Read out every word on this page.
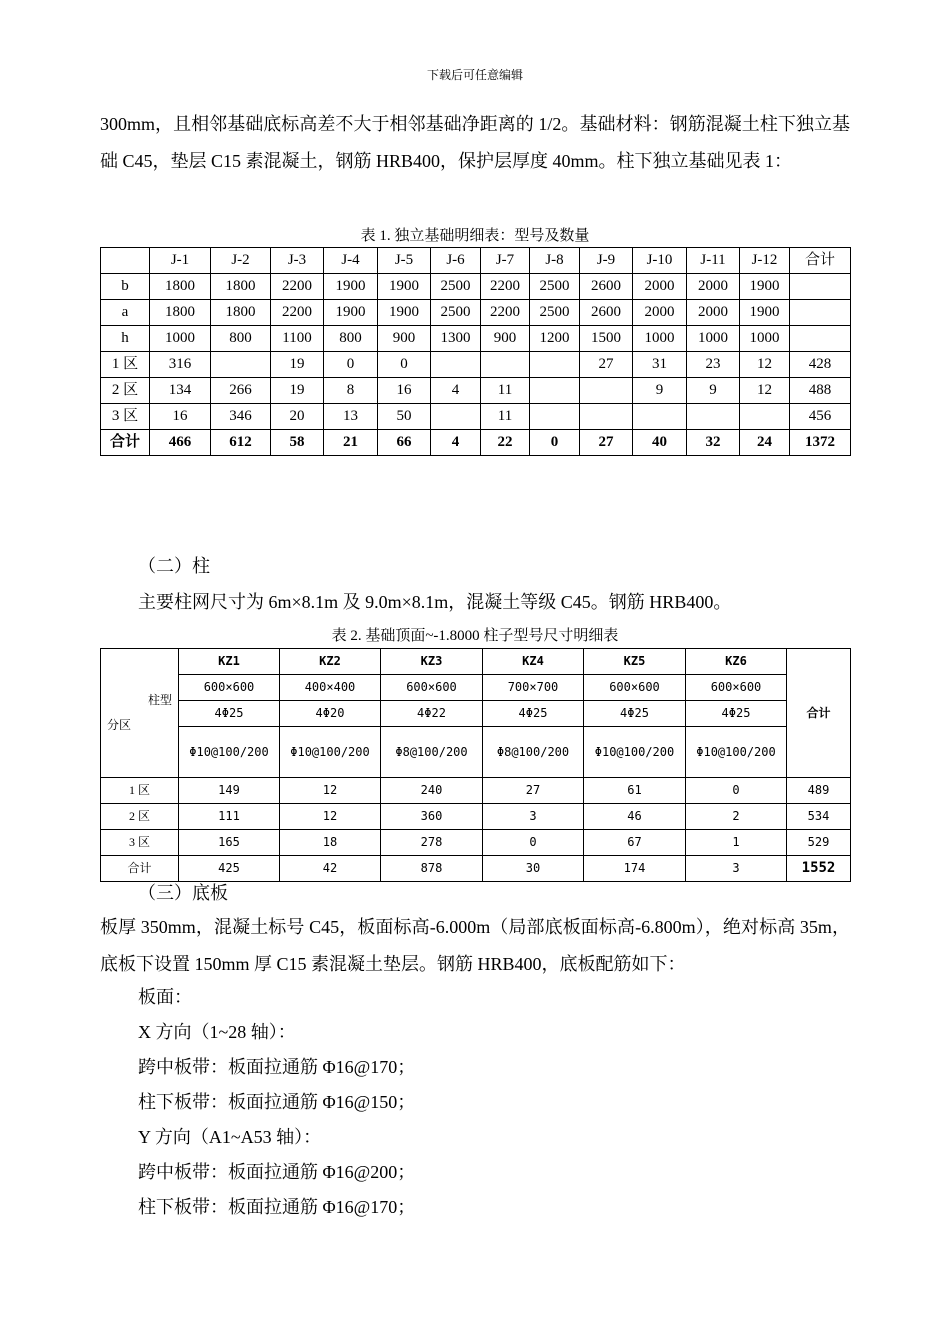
下载后可任意编辑
300mm，且相邻基础底标高差不大于相邻基础净距离的 1/2。基础材料：钢筋混凝土柱下独立基础 C45，垫层 C15 素混凝土，钢筋 HRB400，保护层厚度 40mm。柱下独立基础见表 1：
表 1. 独立基础明细表：型号及数量
	J-1	J-2	J-3	J-4	J-5	J-6	J-7	J-8	J-9	J-10	J-11	J-12	合计
b	1800	1800	2200	1900	1900	2500	2200	2500	2600	2000	2000	1900	
a	1800	1800	2200	1900	1900	2500	2200	2500	2600	2000	2000	1900	
h	1000	800	1100	800	900	1300	900	1200	1500	1000	1000	1000	
1 区	316		19	0	0				27	31	23	12	428
2 区	134	266	19	8	16	4	11			9	9	12	488
3 区	16	346	20	13	50		11						456
合计	466	612	58	21	66	4	22	0	27	40	32	24	1372
（二）柱
主要柱网尺寸为 6m×8.1m 及 9.0m×8.1m，混凝土等级 C45。钢筋 HRB400。
表 2. 基础顶面~-1.8000 柱子型号尺寸明细表
柱型
分区	KZ1	KZ2	KZ3	KZ4	KZ5	KZ6	合计
	600×600	400×400	600×600	700×700	600×600	600×600	
	4Φ25	4Φ20	4Φ22	4Φ25	4Φ25	4Φ25	
	Φ10@100/200	Φ10@100/200	Φ8@100/200	Φ8@100/200	Φ10@100/200	Φ10@100/200	
1 区	149	12	240	27	61	0	489
2 区	111	12	360	3	46	2	534
3 区	165	18	278	0	67	1	529
合计	425	42	878	30	174	3	1552
（三）底板
板厚 350mm，混凝土标号 C45，板面标高-6.000m（局部底板面标高-6.800m），绝对标高 35m，底板下设置 150mm 厚 C15 素混凝土垫层。钢筋 HRB400，底板配筋如下：
板面：
X 方向（1~28 轴）：
跨中板带：板面拉通筋 Φ16@170；
柱下板带：板面拉通筋 Φ16@150；
Y 方向（A1~A53 轴）：
跨中板带：板面拉通筋 Φ16@200；
柱下板带：板面拉通筋 Φ16@170；
